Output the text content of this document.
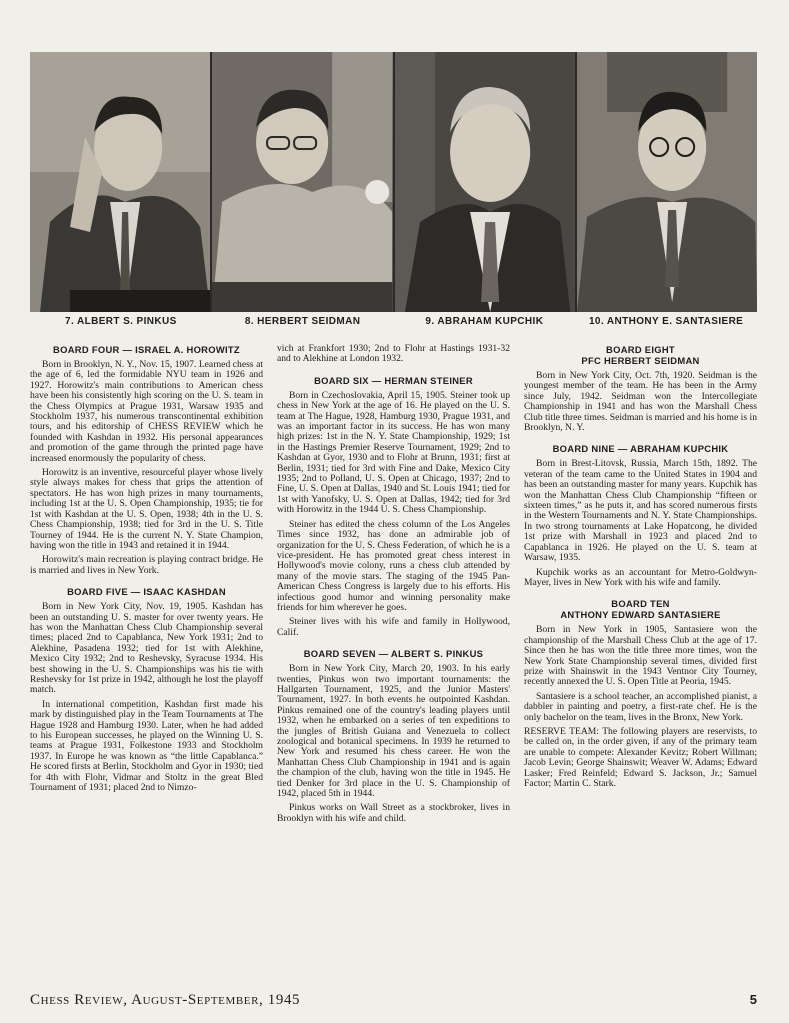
7. ALBERT S. PINKUS	8. HERBERT SEIDMAN	9. ABRAHAM KUPCHIK	10. ANTHONY E. SANTASIERE
BOARD FOUR — ISRAEL A. HOROWITZ

Born in Brooklyn, N. Y., Nov. 15, 1907. Learned chess at the age of 6, led the formidable NYU team in 1926 and 1927. Horowitz's main contributions to American chess have been his consistently high scoring on the U. S. team in the Chess Olympics at Prague 1931, Warsaw 1935 and Stockholm 1937, his numerous transcontinental exhibition tours, and his editorship of CHESS REVIEW which he founded with Kashdan in 1932. His personal appearances and promotion of the game through the printed page have increased enormously the popularity of chess.

Horowitz is an inventive, resourceful player whose lively style always makes for chess that grips the attention of spectators. He has won high prizes in many tournaments, including 1st at the U. S. Open Championship, 1935; tie for 1st with Kashdan at the U. S. Open, 1938; 4th in the U. S. Chess Championship, 1938; tied for 3rd in the U. S. Title Tourney of 1944. He is the current N. Y. State Champion, having won the title in 1943 and retained it in 1944.

Horowitz's main recreation is playing contract bridge. He is married and lives in New York.

BOARD FIVE — ISAAC KASHDAN

Born in New York City, Nov. 19, 1905. Kashdan has been an outstanding U. S. master for over twenty years. He has won the Manhattan Chess Club Championship several times; placed 2nd to Capablanca, New York 1931; 2nd to Alekhine, Pasadena 1932; tied for 1st with Alekhine, Mexico City 1932; 2nd to Reshevsky, Syracuse 1934. His best showing in the U. S. Championships was his tie with Reshevsky for 1st prize in 1942, although he lost the playoff match.

In international competition, Kashdan first made his mark by distinguished play in the Team Tournaments at The Hague 1928 and Hamburg 1930. Later, when he had added to his European successes, he played on the Winning U. S. teams at Prague 1931, Folkestone 1933 and Stockholm 1937. In Europe he was known as “the little Capablanca.” He scored firsts at Berlin, Stockholm and Gyor in 1930; tied for 4th with Flohr, Vidmar and Stoltz in the great Bled Tournament of 1931; placed 2nd to Nimzo-

vich at Frankfort 1930; 2nd to Flohr at Hastings 1931-32 and to Alekhine at London 1932.

BOARD SIX — HERMAN STEINER

Born in Czechoslovakia, April 15, 1905. Steiner took up chess in New York at the age of 16. He played on the U. S. team at The Hague, 1928, Hamburg 1930, Prague 1931, and was an important factor in its success. He has won many high prizes: 1st in the N. Y. State Championship, 1929; 1st in the Hastings Premier Reserve Tournament, 1929; 2nd to Kashdan at Gyor, 1930 and to Flohr at Brunn, 1931; first at Berlin, 1931; tied for 3rd with Fine and Dake, Mexico City 1935; 2nd to Polland, U. S. Open at Chicago, 1937; 2nd to Fine, U. S. Open at Dallas, 1940 and St. Louis 1941; tied for 1st with Yanofsky, U. S. Open at Dallas, 1942; tied for 3rd with Horowitz in the 1944 U. S. Chess Championship.

Steiner has edited the chess column of the Los Angeles Times since 1932, has done an admirable job of organization for the U. S. Chess Federation, of which he is a vice-president. He has promoted great chess interest in Hollywood's movie colony, runs a chess club attended by many of the movie stars. The staging of the 1945 Pan-American Chess Congress is largely due to his efforts. His infectious good humor and winning personality make friends for him wherever he goes.

Steiner lives with his wife and family in Hollywood, Calif.

BOARD SEVEN — ALBERT S. PINKUS

Born in New York City, March 20, 1903. In his early twenties, Pinkus won two important tournaments: the Hallgarten Tournament, 1925, and the Junior Masters' Tournament, 1927. In both events he outpointed Kashdan. Pinkus remained one of the country's leading players until 1932, when he embarked on a series of ten expeditions to the jungles of British Guiana and Venezuela to collect zoological and botanical specimens. In 1939 he returned to New York and resumed his chess career. He won the Manhattan Chess Club Championship in 1941 and is again the champion of the club, having won the title in 1945. He tied Denker for 3rd place in the U. S. Championship of 1942, placed 5th in 1944.

Pinkus works on Wall Street as a stockbroker, lives in Brooklyn with his wife and child.

BOARD EIGHT
PFC HERBERT SEIDMAN

Born in New York City, Oct. 7th, 1920. Seidman is the youngest member of the team. He has been in the Army since July, 1942. Seidman won the Intercollegiate Championship in 1941 and has won the Marshall Chess Club title three times. Seidman is married and his home is in Brooklyn, N. Y.

BOARD NINE — ABRAHAM KUPCHIK

Born in Brest-Litovsk, Russia, March 15th, 1892. The veteran of the team came to the United States in 1904 and has been an outstanding master for many years. Kupchik has won the Manhattan Chess Club Championship “fifteen or sixteen times,” as he puts it, and has scored numerous firsts in the Western Tournaments and N. Y. State Championships. In two strong tournaments at Lake Hopatcong, he divided 1st prize with Marshall in 1923 and placed 2nd to Capablanca in 1926. He played on the U. S. team at Warsaw, 1935.

Kupchik works as an accountant for Metro-Goldwyn-Mayer, lives in New York with his wife and family.

BOARD TEN
ANTHONY EDWARD SANTASIERE

Born in New York in 1905, Santasiere won the championship of the Marshall Chess Club at the age of 17. Since then he has won the title three more times, won the New York State Championship several times, divided first prize with Shainswit in the 1943 Ventnor City Tourney, recently annexed the U. S. Open Title at Peoria, 1945.

Santasiere is a school teacher, an accomplished pianist, a dabbler in painting and poetry, a first-rate chef. He is the only bachelor on the team, lives in the Bronx, New York.

RESERVE TEAM: The following players are reservists, to be called on, in the order given, if any of the primary team are unable to compete: Alexander Kevitz; Robert Willman; Jacob Levin; George Shainswit; Weaver W. Adams; Edward Lasker; Fred Reinfeld; Edward S. Jackson, Jr.; Samuel Factor; Martin C. Stark.

Chess Review, August-September, 1945	5
